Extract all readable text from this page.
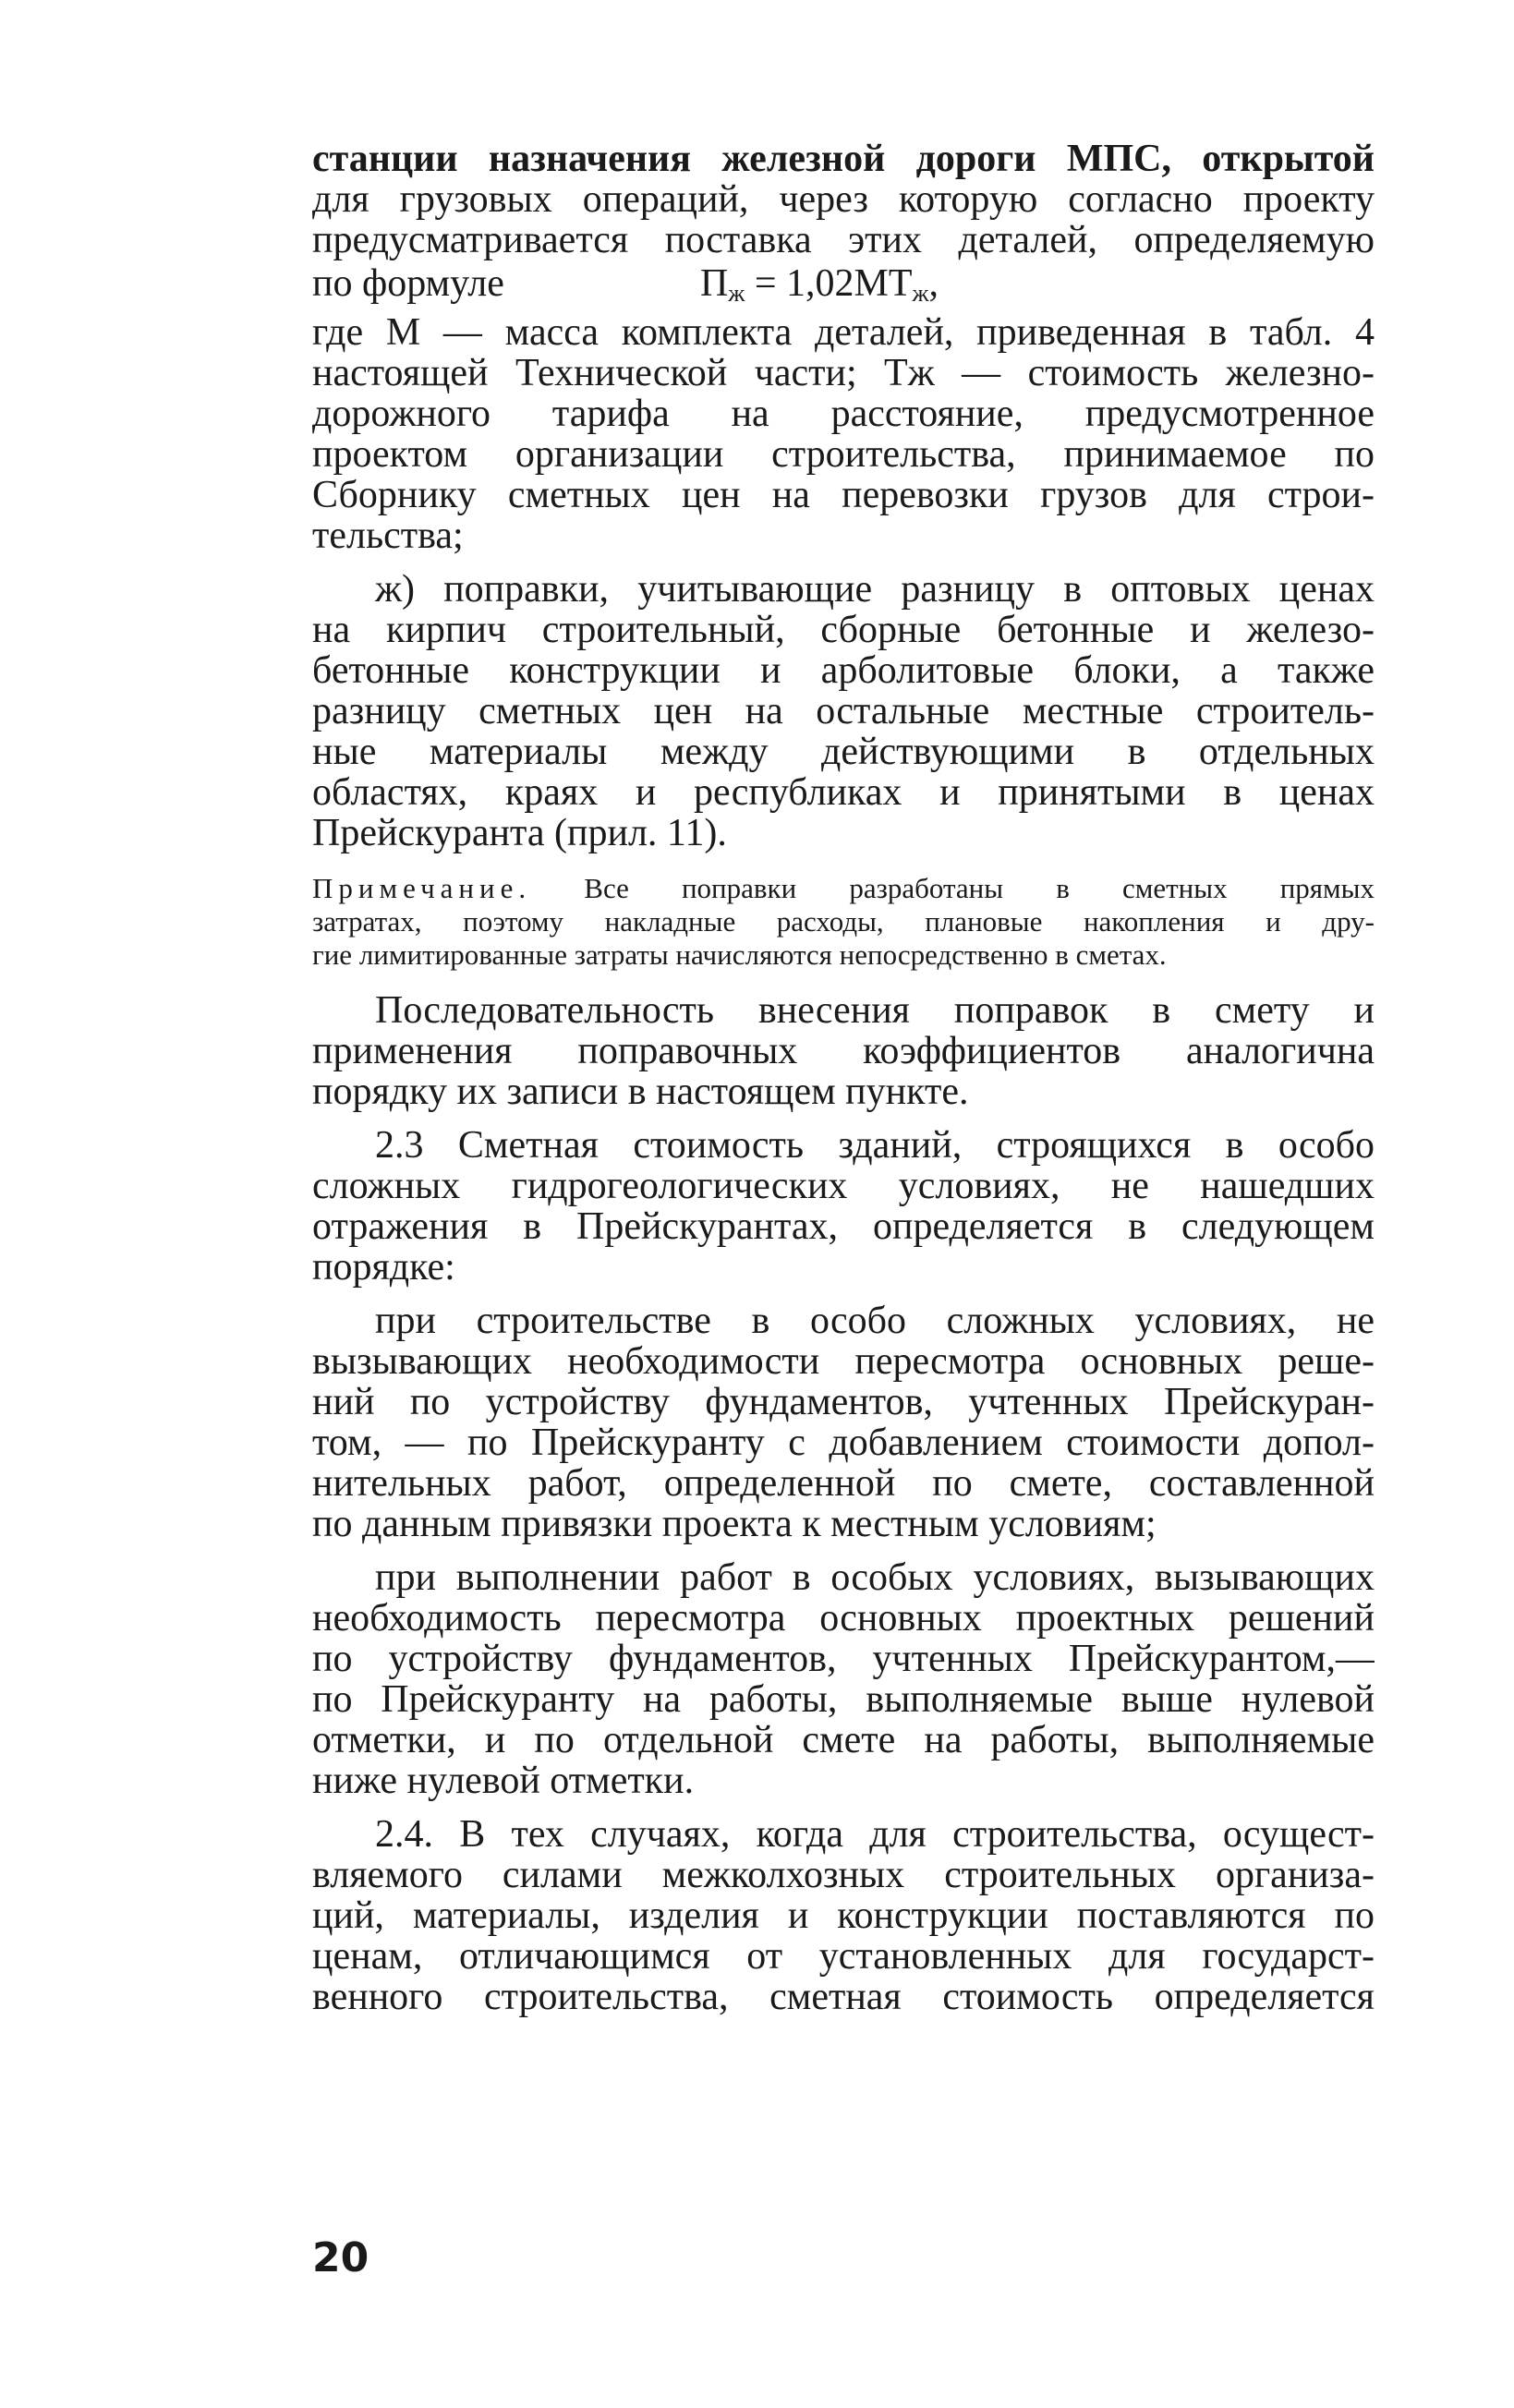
станции назначения железной дороги МПС, открытой
для грузовых операций, через которую согласно проекту
предусматривается поставка этих деталей, определяемую
по формуле	$П_ж = 1,02МТ_ж$,
где М — масса комплекта деталей, приведенная в табл. 4
настоящей Технической части; Тж — стоимость железно-
дорожного тарифа на расстояние, предусмотренное
проектом организации строительства, принимаемое по
Сборнику сметных цен на перевозки грузов для строи-
тельства;
ж) поправки, учитывающие разницу в оптовых ценах
на кирпич строительный, сборные бетонные и железо-
бетонные конструкции и арболитовые блоки, а также
разницу сметных цен на остальные местные строитель-
ные материалы между действующими в отдельных
областях, краях и республиках и принятыми в ценах
Прейскуранта (прил. 11).
Примечание. Все поправки разработаны в сметных прямых
затратах, поэтому накладные расходы, плановые накопления и дру-
гие лимитированные затраты начисляются непосредственно в сметах.
Последовательность внесения поправок в смету и
применения поправочных коэффициентов аналогична
порядку их записи в настоящем пункте.
2.3 Сметная стоимость зданий, строящихся в особо
сложных гидрогеологических условиях, не нашедших
отражения в Прейскурантах, определяется в следующем
порядке:
при строительстве в особо сложных условиях, не
вызывающих необходимости пересмотра основных реше-
ний по устройству фундаментов, учтенных Прейскуран-
том, — по Прейскуранту с добавлением стоимости допол-
нительных работ, определенной по смете, составленной
по данным привязки проекта к местным условиям;
при выполнении работ в особых условиях, вызывающих
необходимость пересмотра основных проектных решений
по устройству фундаментов, учтенных Прейскурантом,—
по Прейскуранту на работы, выполняемые выше нулевой
отметки, и по отдельной смете на работы, выполняемые
ниже нулевой отметки.
2.4. В тех случаях, когда для строительства, осущест-
вляемого силами межколхозных строительных организа-
ций, материалы, изделия и конструкции поставляются по
ценам, отличающимся от установленных для государст-
венного строительства, сметная стоимость определяется
20
